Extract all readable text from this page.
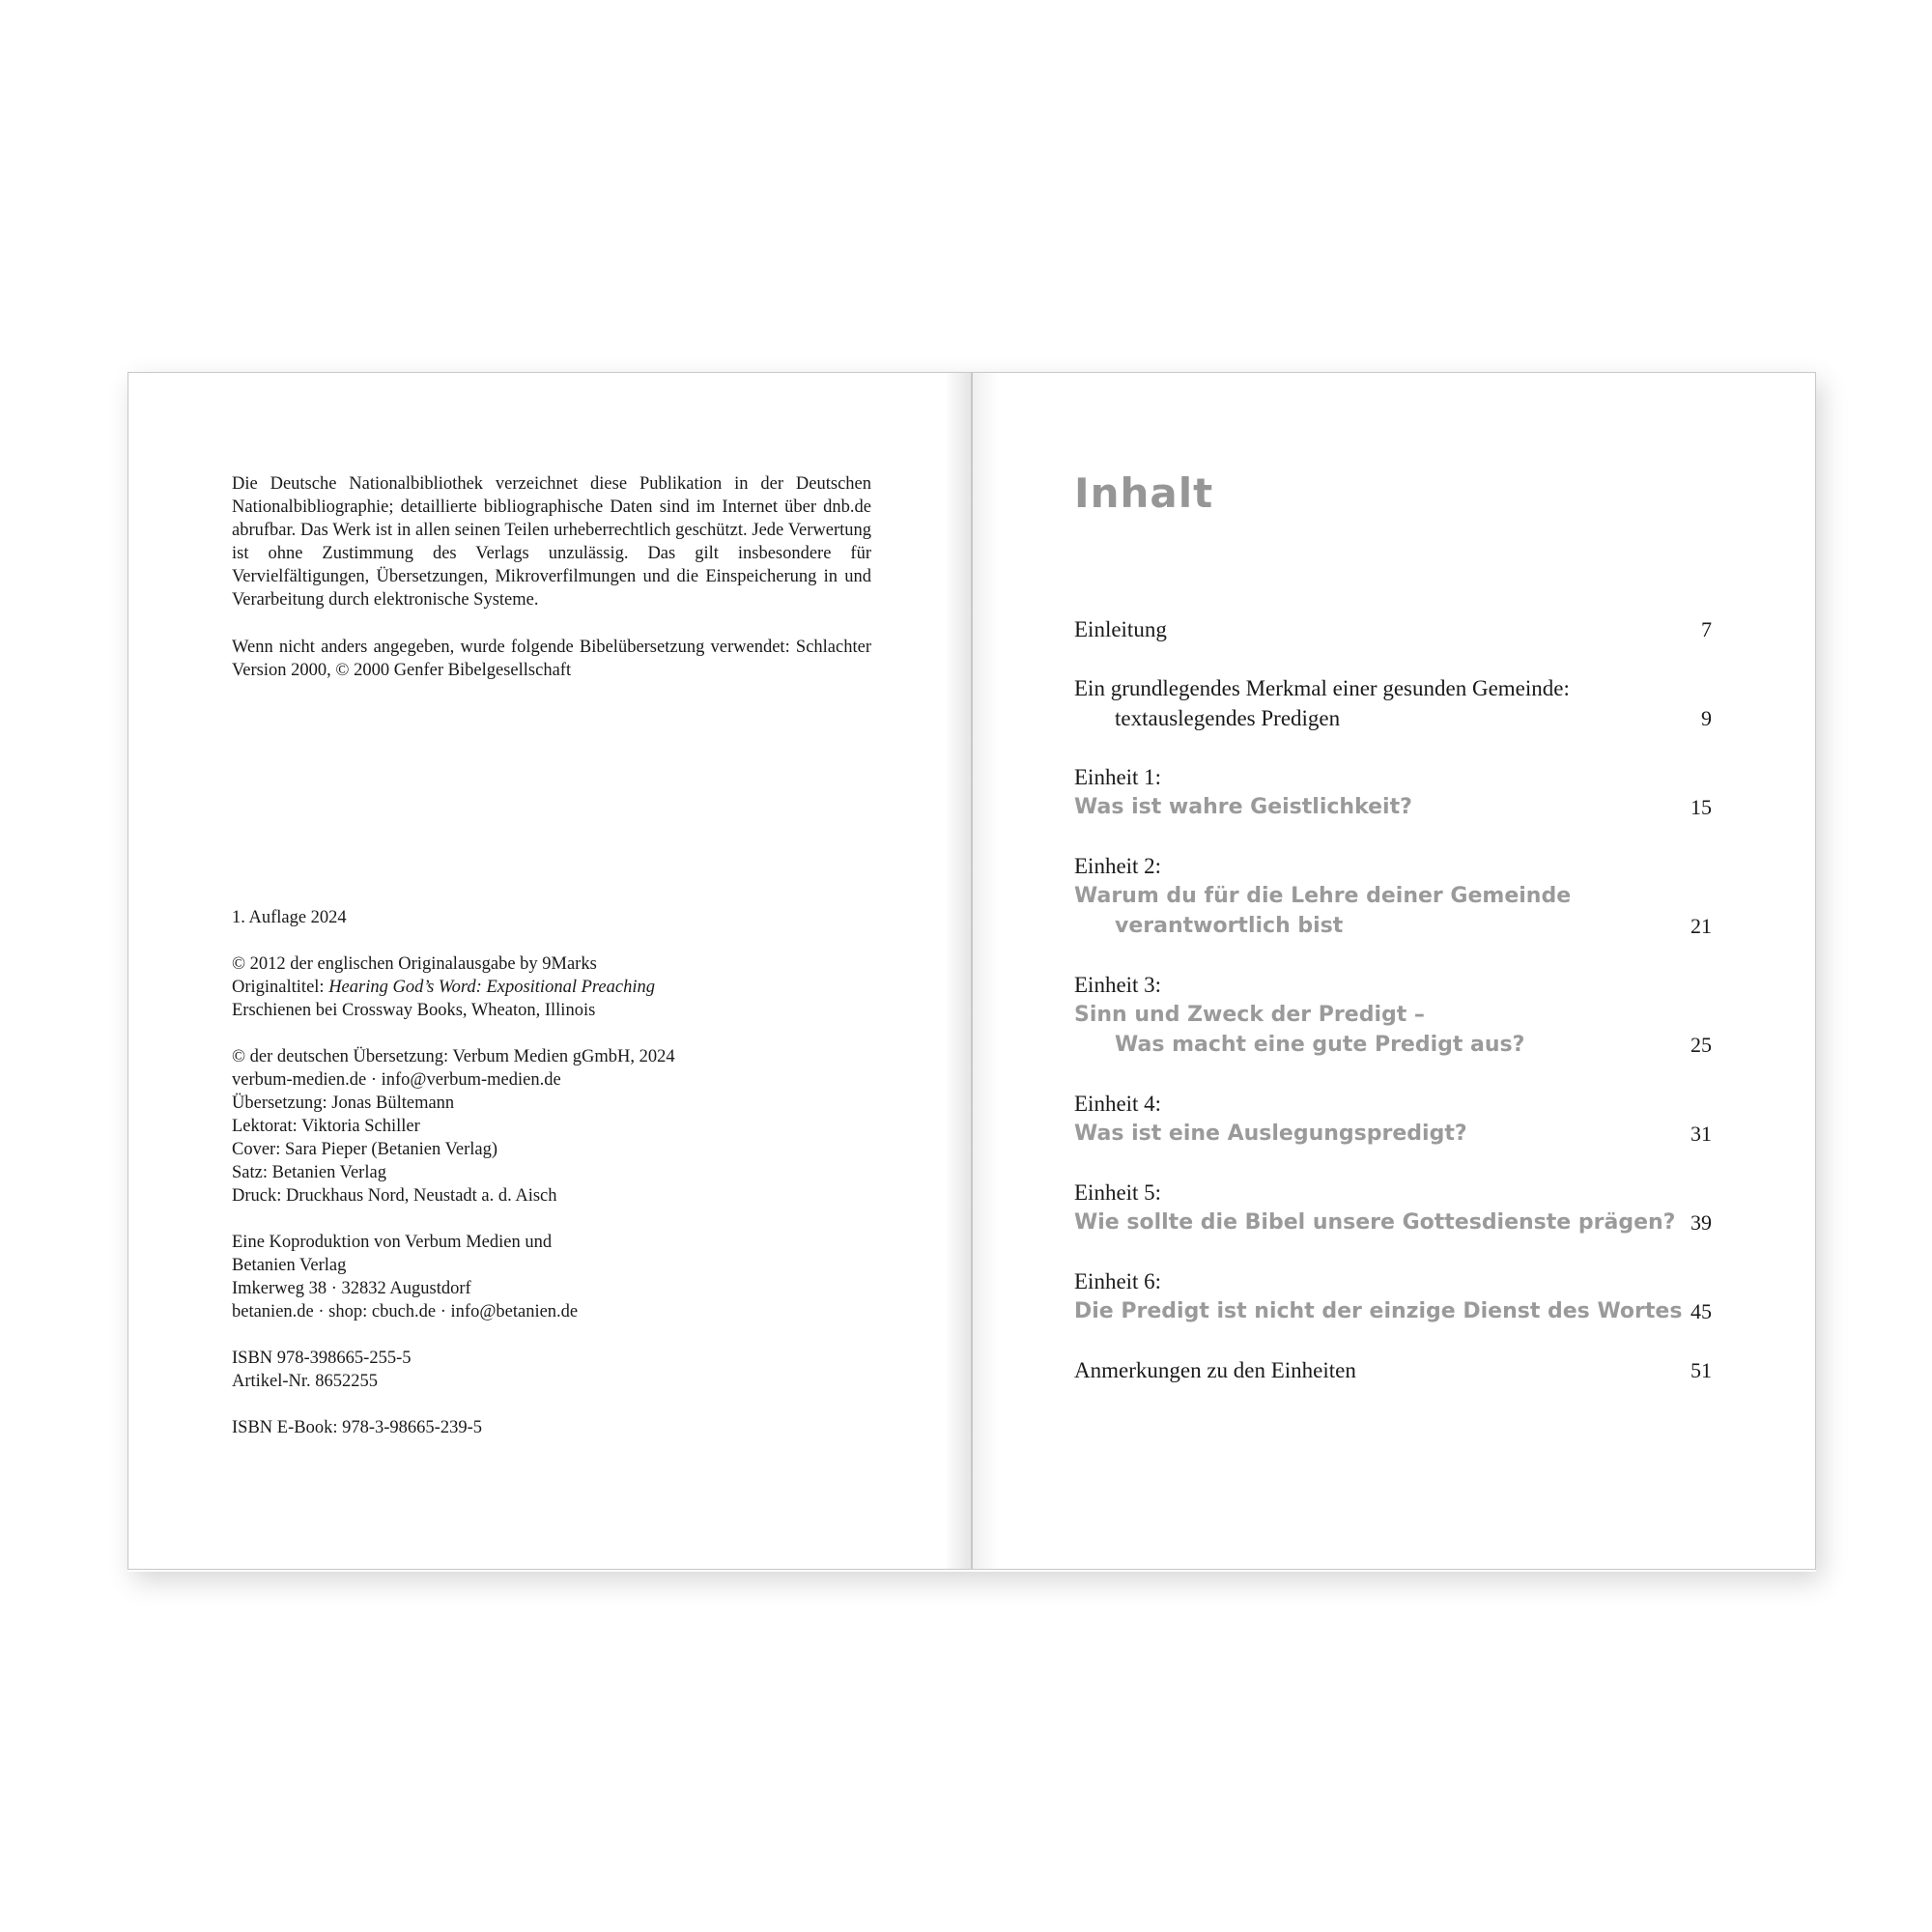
Die Deutsche Nationalbibliothek verzeichnet diese Publikation in der Deutschen Nationalbibliographie; detaillierte bibliographische Daten sind im Internet über dnb.de abrufbar. Das Werk ist in allen seinen Teilen urheberrechtlich geschützt. Jede Verwertung ist ohne Zustimmung des Verlags unzulässig. Das gilt insbesondere für Vervielfältigungen, Übersetzungen, Mikroverfilmungen und die Einspeicherung in und Verarbeitung durch elektronische Systeme.

Wenn nicht anders angegeben, wurde folgende Bibelübersetzung verwendet: Schlachter Version 2000, © 2000 Genfer Bibelgesellschaft

1. Auflage 2024

© 2012 der englischen Originalausgabe by 9Marks

Originaltitel: Hearing God’s Word: Expositional Preaching

Erschienen bei Crossway Books, Wheaton, Illinois

© der deutschen Übersetzung: Verbum Medien gGmbH, 2024

verbum-medien.de · info@verbum-medien.de

Übersetzung: Jonas Bültemann

Lektorat: Viktoria Schiller

Cover: Sara Pieper (Betanien Verlag)

Satz: Betanien Verlag

Druck: Druckhaus Nord, Neustadt a. d. Aisch

Eine Koproduktion von Verbum Medien und

Betanien Verlag

Imkerweg 38 · 32832 Augustdorf

betanien.de · shop: cbuch.de · info@betanien.de

ISBN 978-398665-255-5

Artikel-Nr. 8652255

ISBN E-Book: 978-3-98665-239-5

Inhalt
Einleitung	7
Ein grundlegendes Merkmal einer gesunden Gemeinde:
textauslegendes Predigen	9
Einheit 1:
Was ist wahre Geistlichkeit?	15
Einheit 2:
Warum du für die Lehre deiner Gemeinde
verantwortlich bist	21
Einheit 3:
Sinn und Zweck der Predigt –
Was macht eine gute Predigt aus?	25
Einheit 4:
Was ist eine Auslegungspredigt?	31
Einheit 5:
Wie sollte die Bibel unsere Gottesdienste prägen? 39
Einheit 6:
Die Predigt ist nicht der einzige Dienst des Wortes 45
Anmerkungen zu den Einheiten	51
